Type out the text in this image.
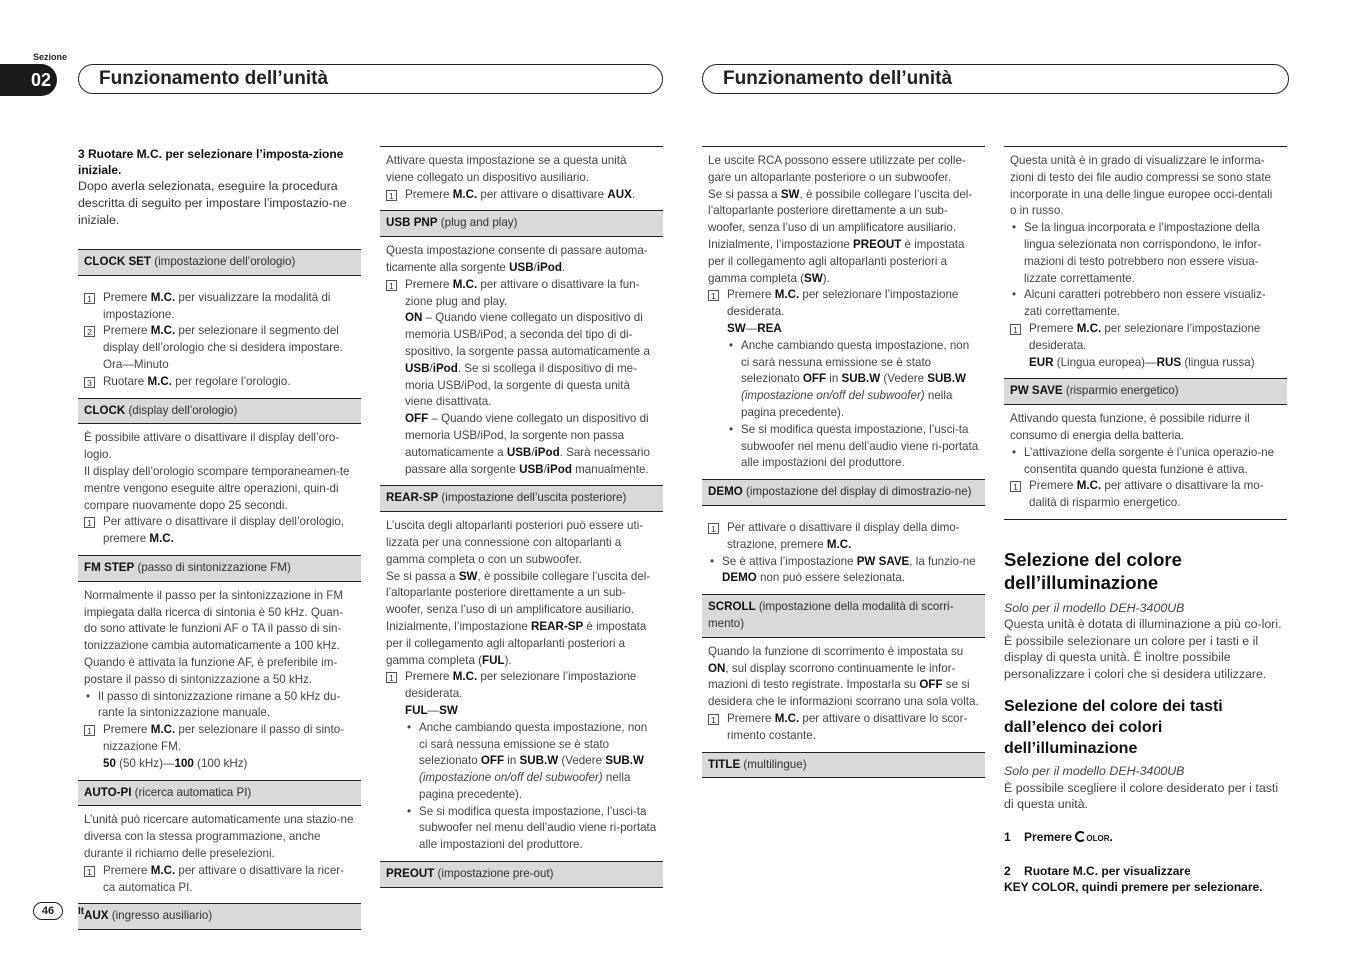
Sezione
02	Funzionamento dell’unità	Funzionamento dell’unità

3 Ruotare M.C. per selezionare l’imposta-zione iniziale.

Dopo averla selezionata, eseguire la procedura descritta di seguito per impostare l’impostazio-ne iniziale.

CLOCK SET (impostazione dell’orologio)
1 Premere M.C. per visualizzare la modalità di impostazione.
2 Premere M.C. per selezionare il segmento del display dell’orologio che si desidera impostare.
Ora—Minuto
3 Ruotare M.C. per regolare l’orologio.
CLOCK (display dell’orologio)

È possibile attivare o disattivare il display dell’oro-logio.

Il display dell’orologio scompare temporaneamen-te mentre vengono eseguite altre operazioni, quin-di compare nuovamente dopo 25 secondi.

1 Per attivare o disattivare il display dell’orologio, premere M.C.
FM STEP (passo di sintonizzazione FM)

Normalmente il passo per la sintonizzazione in FM impiegata dalla ricerca di sintonia è 50 kHz. Quan-do sono attivate le funzioni AF o TA il passo di sin-tonizzazione cambia automaticamente a 100 kHz. Quando è attivata la funzione AF, è preferibile im-postare il passo di sintonizzazione a 50 kHz.

• Il passo di sintonizzazione rimane a 50 kHz du-rante la sintonizzazione manuale.
1 Premere M.C. per selezionare il passo di sinto-nizzazione FM.
50 (50 kHz)—100 (100 kHz)
AUTO-PI (ricerca automatica PI)

L’unità può ricercare automaticamente una stazio-ne diversa con la stessa programmazione, anche durante il richiamo delle preselezioni.

1 Premere M.C. per attivare o disattivare la ricer-ca automatica PI.
AUX (ingresso ausiliario)

Attivare questa impostazione se a questa unità viene collegato un dispositivo ausiliario.

1 Premere M.C. per attivare o disattivare AUX.
USB PNP (plug and play)

Questa impostazione consente di passare automa-ticamente alla sorgente USB/iPod.

1 Premere M.C. per attivare o disattivare la fun-zione plug and play.
ON – Quando viene collegato un dispositivo di memoria USB/iPod, a seconda del tipo di di-spositivo, la sorgente passa automaticamente a USB/iPod. Se si scollega il dispositivo di me-moria USB/iPod, la sorgente di questa unità viene disattivata.
OFF – Quando viene collegato un dispositivo di memoria USB/iPod, la sorgente non passa automaticamente a USB/iPod. Sarà necessario passare alla sorgente USB/iPod manualmente.
REAR-SP (impostazione dell’uscita posteriore)

L’uscita degli altoparlanti posteriori può essere uti-lizzata per una connessione con altoparlanti a gamma completa o con un subwoofer.

Se si passa a SW, è possibile collegare l’uscita del-l’altoparlante posteriore direttamente a un sub-woofer, senza l’uso di un amplificatore ausiliario.

Inizialmente, l’impostazione REAR-SP è impostata per il collegamento agli altoparlanti posteriori a gamma completa (FUL).

1 Premere M.C. per selezionare l’impostazione desiderata.
FUL—SW
• Anche cambiando questa impostazione, non ci sarà nessuna emissione se è stato selezionato OFF in SUB.W (Vedere SUB.W (impostazione on/off del subwoofer) nella pagina precedente).
• Se si modifica questa impostazione, l’usci-ta subwoofer nel menu dell’audio viene ri-portata alle impostazioni del produttore.
PREOUT (impostazione pre-out)

Le uscite RCA possono essere utilizzate per colle-gare un altoparlante posteriore o un subwoofer.

Se si passa a SW, è possibile collegare l’uscita del-l’altoparlante posteriore direttamente a un sub-woofer, senza l’uso di un amplificatore ausiliario.

Inizialmente, l’impostazione PREOUT è impostata per il collegamento agli altoparlanti posteriori a gamma completa (SW).

1 Premere M.C. per selezionare l’impostazione desiderata.
SW—REA
• Anche cambiando questa impostazione, non ci sarà nessuna emissione se è stato selezionato OFF in SUB.W (Vedere SUB.W (impostazione on/off del subwoofer) nella pagina precedente).
• Se si modifica questa impostazione, l’usci-ta subwoofer nel menu dell’audio viene ri-portata alle impostazioni del produttore.
DEMO (impostazione del display di dimostrazio-ne)
1 Per attivare o disattivare il display della dimo-strazione, premere M.C.
• Se è attiva l’impostazione PW SAVE, la funzio-ne DEMO non può essere selezionata.
SCROLL (impostazione della modalità di scorri-mento)

Quando la funzione di scorrimento è impostata su ON, sul display scorrono continuamente le infor-mazioni di testo registrate. Impostarla su OFF se si desidera che le informazioni scorrano una sola volta.

1 Premere M.C. per attivare o disattivare lo scor-rimento costante.
TITLE (multilingue)

Questa unità è in grado di visualizzare le informa-zioni di testo dei file audio compressi se sono state incorporate in una delle lingue europee occi-dentali o in russo.

• Se la lingua incorporata e l’impostazione della lingua selezionata non corrispondono, le infor-mazioni di testo potrebbero non essere visua-lizzate correttamente.
• Alcuni caratteri potrebbero non essere visualiz-zati correttamente.
1 Premere M.C. per selezionare l’impostazione desiderata.
EUR (Lingua europea)—RUS (lingua russa)
PW SAVE (risparmio energetico)

Attivando questa funzione, è possibile ridurre il consumo di energia della batteria.

• L’attivazione della sorgente è l’unica operazio-ne consentita quando questa funzione è attiva.
1 Premere M.C. per attivare o disattivare la mo-dalità di risparmio energetico.

Selezione del colore dell’illuminazione

Solo per il modello DEH-3400UB

Questa unità è dotata di illuminazione a più co-lori. È possibile selezionare un colore per i tasti e il display di questa unità. È inoltre possibile personalizzare i colori che si desidera utilizzare.

Selezione del colore dei tasti dall’elenco dei colori dell’illuminazione

Solo per il modello DEH-3400UB

È possibile scegliere il colore desiderato per i tasti di questa unità.

1 Premere OLOR.
2 Ruotare M.C. per visualizzare
KEY COLOR, quindi premere per selezionare.
46	It
